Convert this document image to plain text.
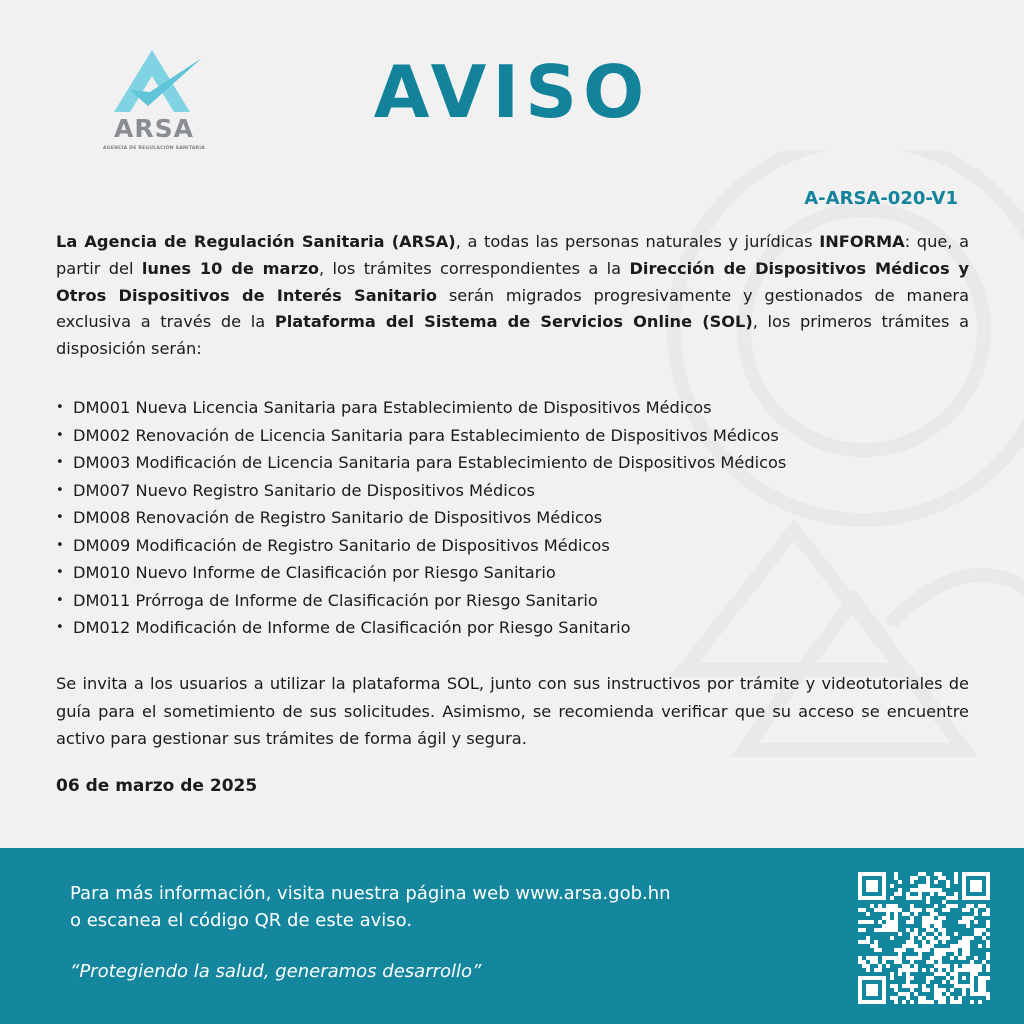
ARSA
AGENCIA DE REGULACIÓN SANITARIA
AVISO
A-ARSA-020-V1
La Agencia de Regulación Sanitaria (ARSA), a todas las personas naturales y jurídicas INFORMA: que, a partir del lunes 10 de marzo, los trámites correspondientes a la Dirección de Dispositivos Médicos y Otros Dispositivos de Interés Sanitario serán migrados progresivamente y gestionados de manera exclusiva a través de la Plataforma del Sistema de Servicios Online (SOL), los primeros trámites a disposición serán:
• DM001 Nueva Licencia Sanitaria para Establecimiento de Dispositivos Médicos
• DM002 Renovación de Licencia Sanitaria para Establecimiento de Dispositivos Médicos
• DM003 Modificación de Licencia Sanitaria para Establecimiento de Dispositivos Médicos
• DM007 Nuevo Registro Sanitario de Dispositivos Médicos
• DM008 Renovación de Registro Sanitario de Dispositivos Médicos
• DM009 Modificación de Registro Sanitario de Dispositivos Médicos
• DM010 Nuevo Informe de Clasificación por Riesgo Sanitario
• DM011 Prórroga de Informe de Clasificación por Riesgo Sanitario
• DM012 Modificación de Informe de Clasificación por Riesgo Sanitario
Se invita a los usuarios a utilizar la plataforma SOL, junto con sus instructivos por trámite y videotutoriales de guía para el sometimiento de sus solicitudes. Asimismo, se recomienda verificar que su acceso se encuentre activo para gestionar sus trámites de forma ágil y segura.
06 de marzo de 2025
Para más información, visita nuestra página web www.arsa.gob.hn
o escanea el código QR de este aviso.
“Protegiendo la salud, generamos desarrollo”
